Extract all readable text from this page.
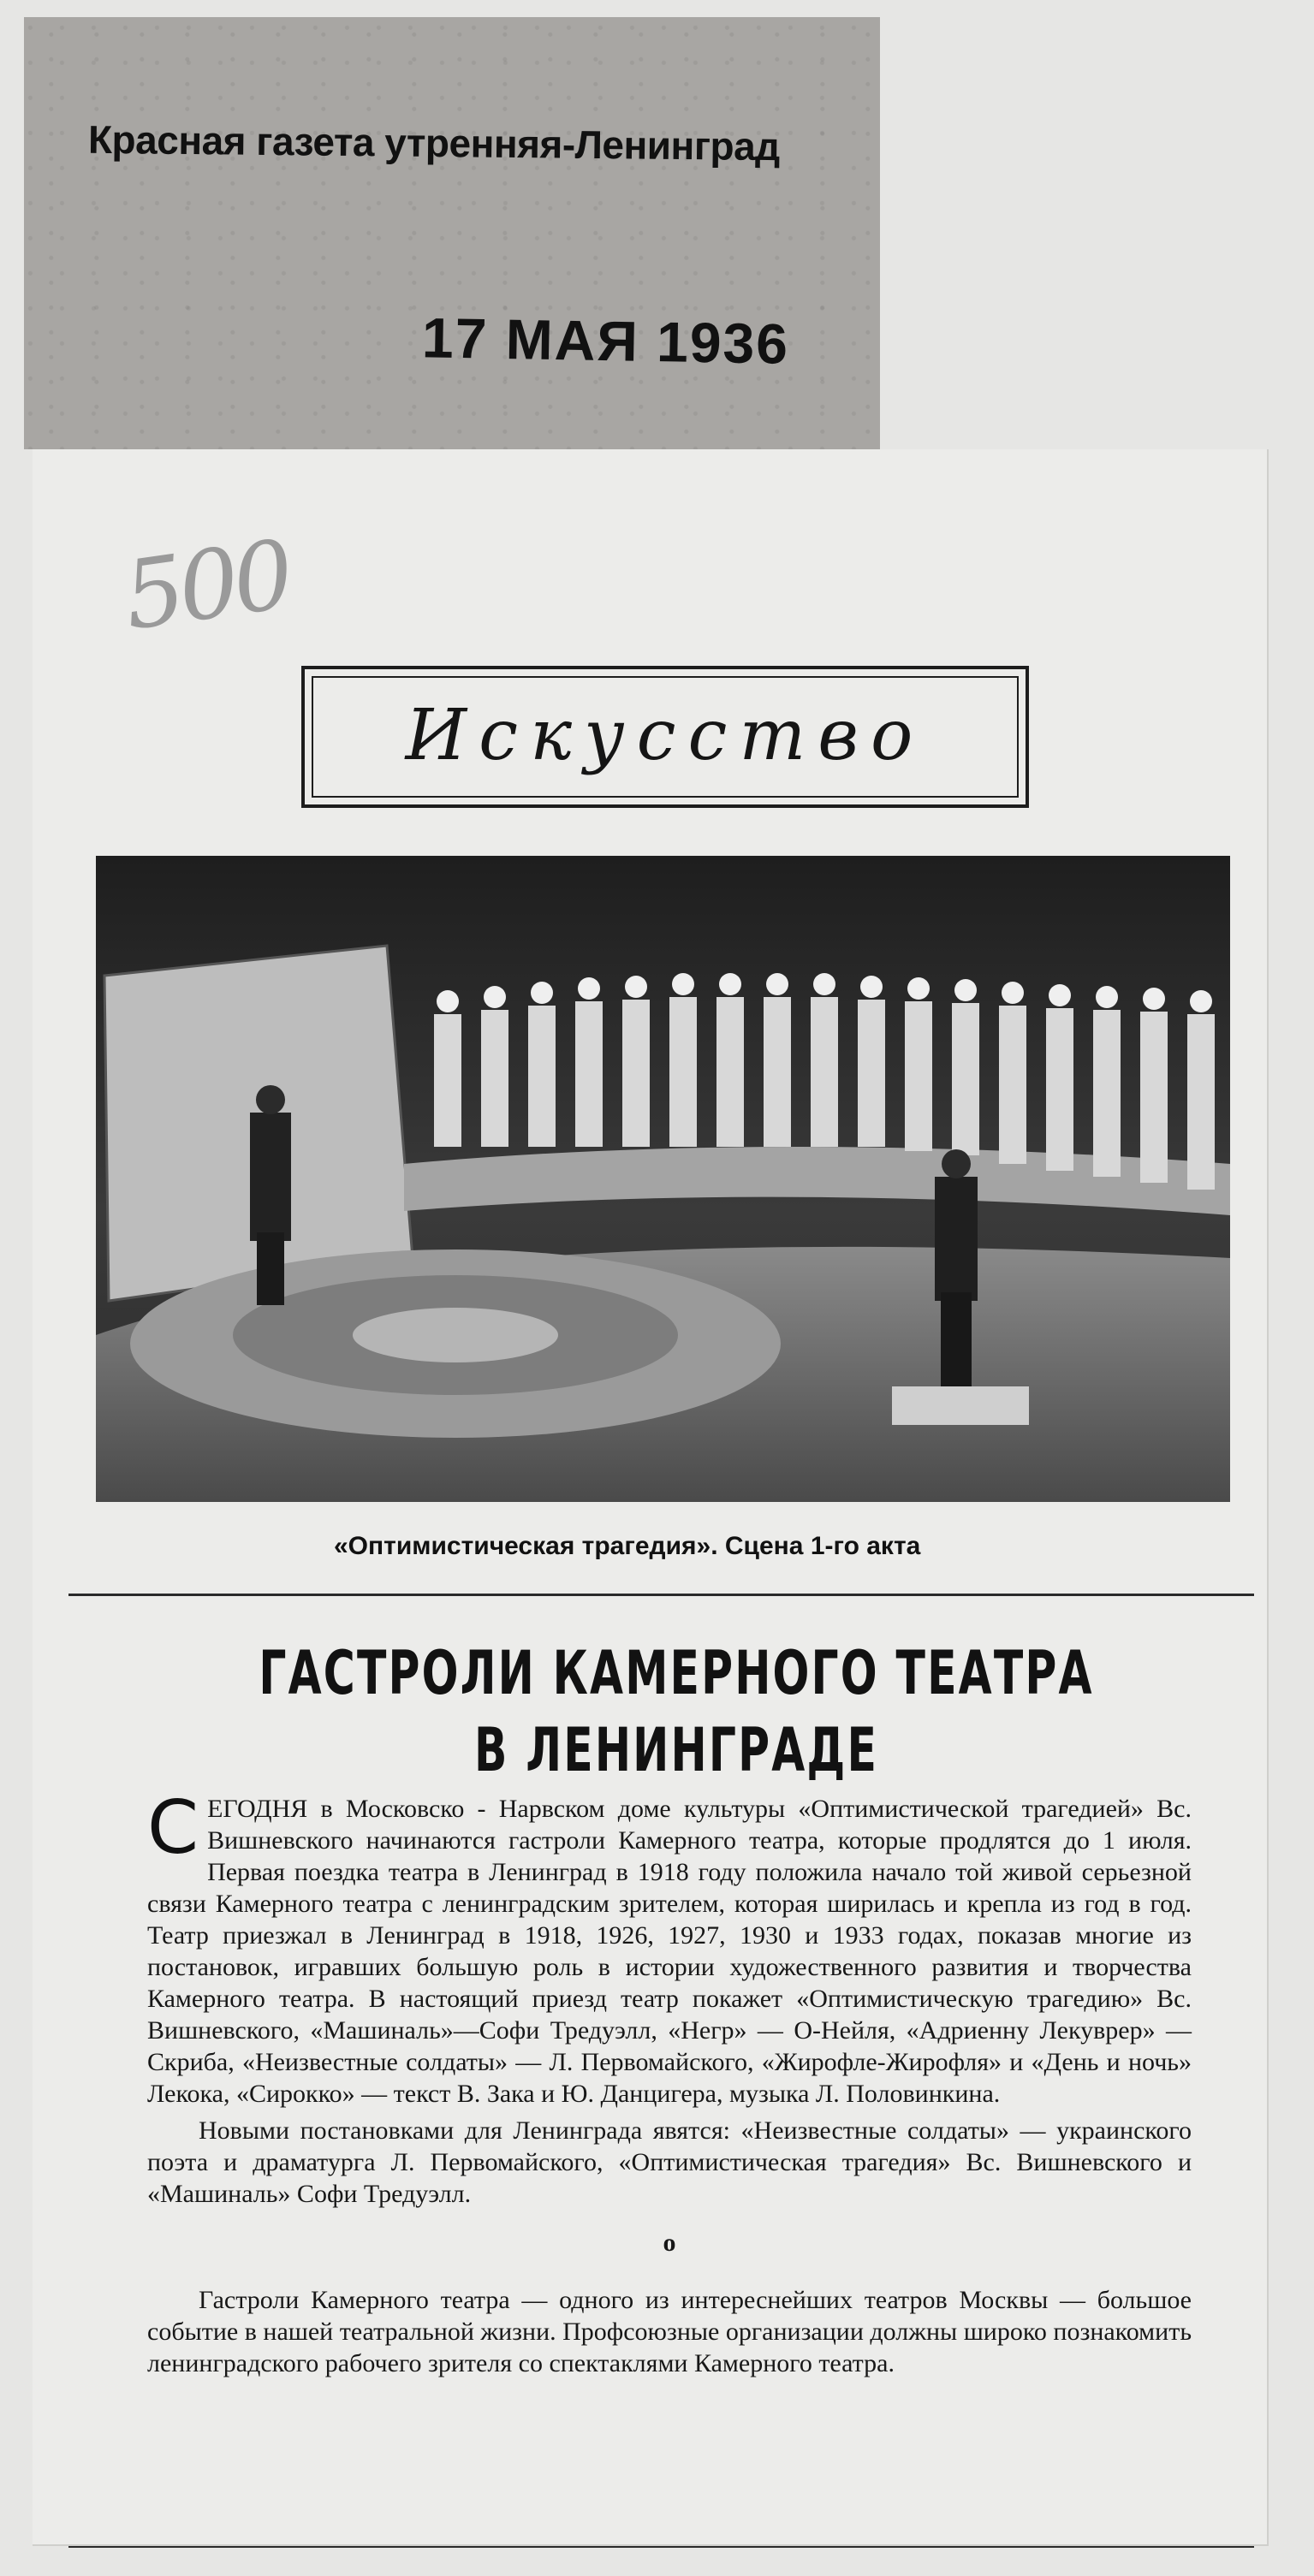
Красная газета утренняя-Ленинград
17 МАЯ 1936
500
Искусство
«Оптимистическая трагедия». Сцена 1-го акта
ГАСТРОЛИ КАМЕРНОГО ТЕАТРА
В ЛЕНИНГРАДЕ

СЕГОДНЯ в Московско - Нарвском доме культуры «Оптимистической трагедией» Вс. Вишневского начинаются гастроли Камерного театра, которые продлятся до 1 июля. Первая поездка театра в Ленинград в 1918 году положила начало той живой серьезной связи Камерного театра с ленинградским зрителем, которая ширилась и крепла из год в год. Театр приезжал в Ленинград в 1918, 1926, 1927, 1930 и 1933 годах, показав многие из постановок, игравших большую роль в истории художественного развития и творчества Камерного театра. В настоящий приезд театр покажет «Оптимистическую трагедию» Вс. Вишневского, «Машиналь»—Софи Тредуэлл, «Негр» — О-Нейля, «Адриенну Лекуврер» — Скриба, «Неизвестные солдаты» — Л. Первомайского, «Жирофле-Жирофля» и «День и ночь» Лекока, «Сирокко» — текст В. Зака и Ю. Данцигера, музыка Л. Половинкина.

Новыми постановками для Ленинграда явятся: «Неизвестные солдаты» — украинского поэта и драматурга Л. Первомайского, «Оптимистическая трагедия» Вс. Вишневского и «Машиналь» Софи Тредуэлл.

о

Гастроли Камерного театра — одного из интереснейших театров Москвы — большое событие в нашей театральной жизни. Профсоюзные организации должны широко познакомить ленинградского рабочего зрителя со спектаклями Камерного театра.
